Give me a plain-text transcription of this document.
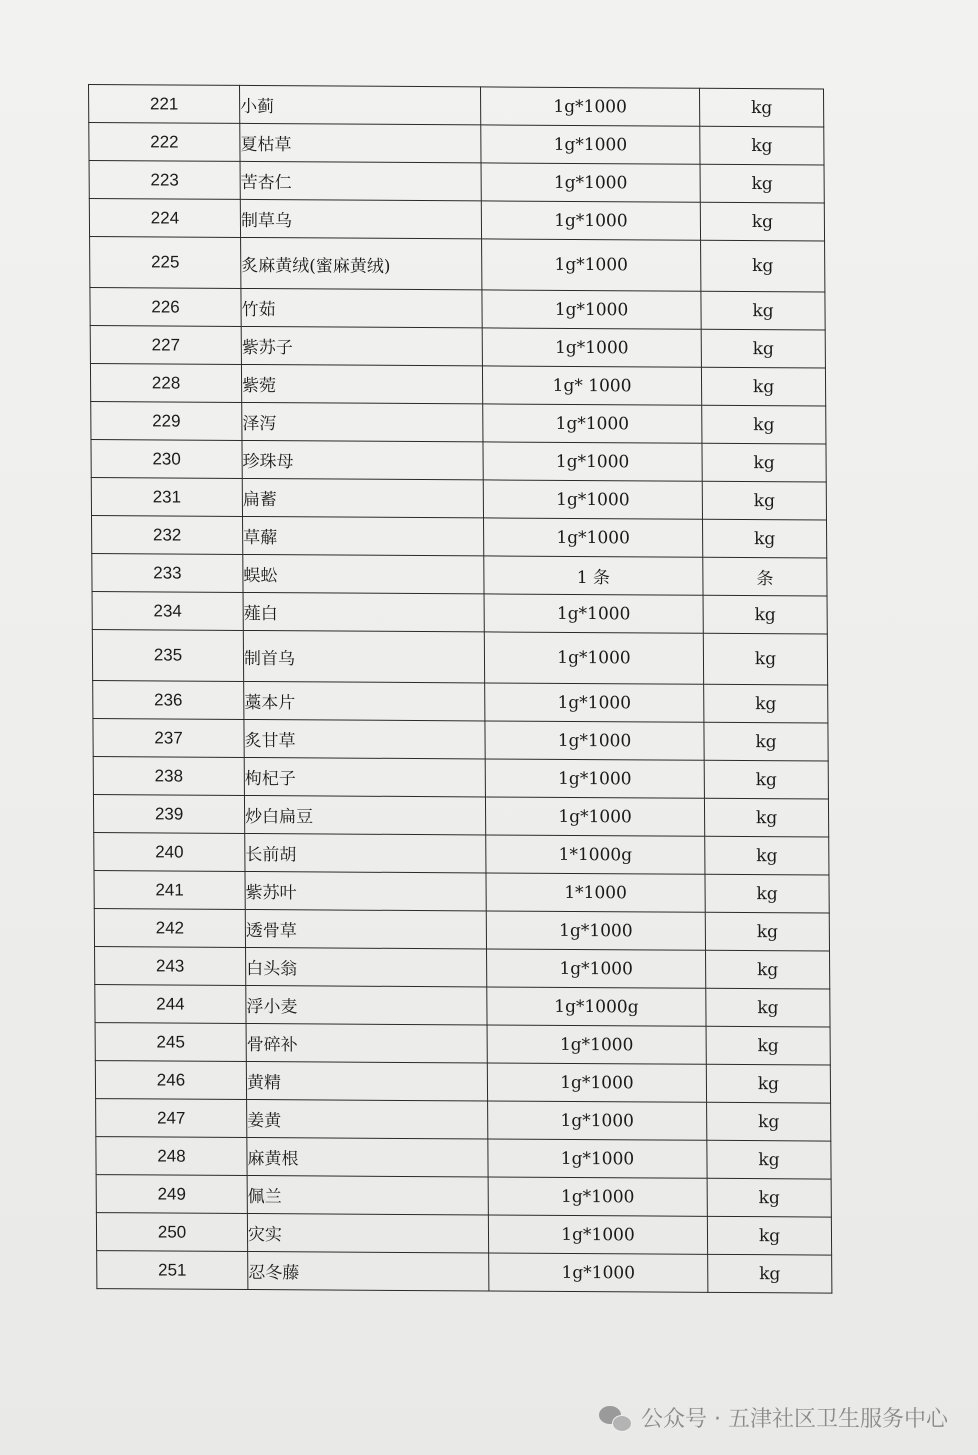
221	小蓟	1g*1000	kg
222	夏枯草	1g*1000	kg
223	苦杏仁	1g*1000	kg
224	制草乌	1g*1000	kg
225	炙麻黄绒(蜜麻黄绒)	1g*1000	kg
226	竹茹	1g*1000	kg
227	紫苏子	1g*1000	kg
228	紫菀	1g* 1000	kg
229	泽泻	1g*1000	kg
230	珍珠母	1g*1000	kg
231	扁蓄	1g*1000	kg
232	草薢	1g*1000	kg
233	蜈蚣	1 条	条
234	薤白	1g*1000	kg
235	制首乌	1g*1000	kg
236	藁本片	1g*1000	kg
237	炙甘草	1g*1000	kg
238	枸杞子	1g*1000	kg
239	炒白扁豆	1g*1000	kg
240	长前胡	1*1000g	kg
241	紫苏叶	1*1000	kg
242	透骨草	1g*1000	kg
243	白头翁	1g*1000	kg
244	浮小麦	1g*1000g	kg
245	骨碎补	1g*1000	kg
246	黄精	1g*1000	kg
247	姜黄	1g*1000	kg
248	麻黄根	1g*1000	kg
249	佩兰	1g*1000	kg
250	灾实	1g*1000	kg
251	忍冬藤	1g*1000	kg
公众号 · 五津社区卫生服务中心
